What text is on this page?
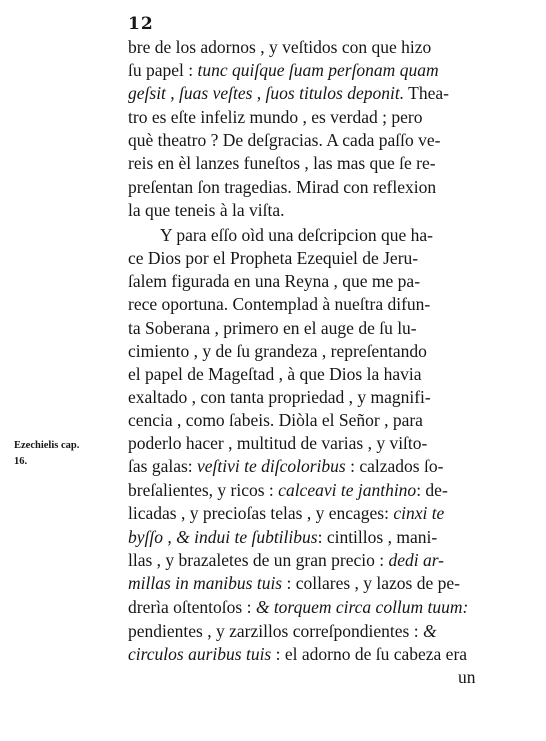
12
Ezechielis cap.
16.
bre de los adornos , y veſtidos con que hizo
ſu papel : tunc quiſque ſuam perſonam quam
geſsit , ſuas veſtes , ſuos titulos deponit. Thea-
tro es eſte infeliz mundo , es verdad ; pero
què theatro ? De deſgracias. A cada paſſo ve-
reis en èl lanzes funeſtos , las mas que ſe re-
preſentan ſon tragedias. Mirad con reflexion
la que teneis à la viſta.
Y para eſſo oìd una deſcripcion que ha-
ce Dios por el Propheta Ezequiel de Jeru-
ſalem figurada en una Reyna , que me pa-
rece oportuna. Contemplad à nueſtra difun-
ta Soberana , primero en el auge de ſu lu-
cimiento , y de ſu grandeza , repreſentando
el papel de Mageſtad , à que Dios la havia
exaltado , con tanta propriedad , y magnifi-
cencia , como ſabeis. Diòla el Señor , para
poderlo hacer , multitud de varias , y viſto-
ſas galas: veſtivi te diſcoloribus : calzados ſo-
breſalientes, y ricos : calceavi te janthino: de-
licadas , y precioſas telas , y encages: cinxi te
byſſo , & indui te ſubtilibus: cintillos , mani-
llas , y brazaletes de un gran precio : dedi ar-
millas in manibus tuis : collares , y lazos de pe-
drerìa oſtentoſos : & torquem circa collum tuum:
pendientes , y zarzillos correſpondientes : &
circulos auribus tuis : el adorno de ſu cabeza era
un
